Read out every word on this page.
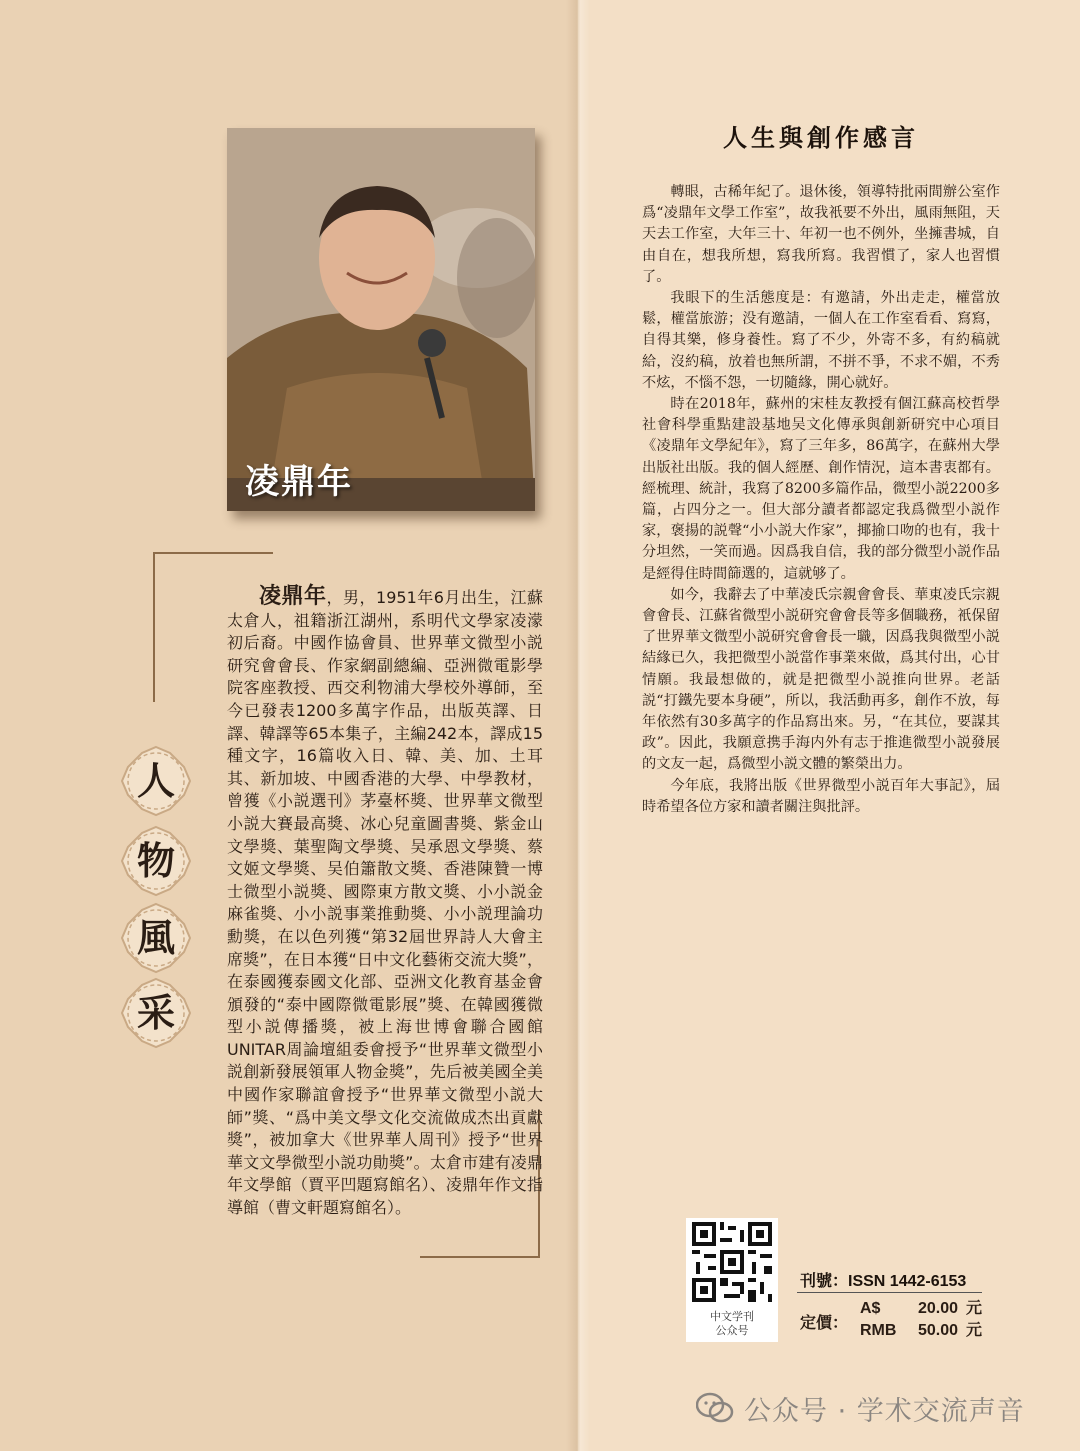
凌鼎年
人
物
風
采
凌鼎年，男，1951年6月出生，江蘇太倉人，祖籍浙江湖州，系明代文學家凌濛初后裔。中國作協會員、世界華文微型小説研究會會長、作家網副總編、亞洲微電影學院客座教授、西交利物浦大學校外導師，至今已發表1200多萬字作品，出版英譯、日譯、韓譯等65本集子，主編242本，譯成15種文字，16篇收入日、韓、美、加、土耳其、新加坡、中國香港的大學、中學教材，曾獲《小説選刊》茅臺杯獎、世界華文微型小説大賽最高獎、冰心兒童圖書獎、紫金山文學獎、葉聖陶文學獎、吴承恩文學獎、蔡文姬文學獎、吴伯簫散文獎、香港陳贊一博士微型小説獎、國際東方散文獎、小小説金麻雀獎、小小説事業推動獎、小小説理論功勳獎，在以色列獲“第32屆世界詩人大會主席獎”，在日本獲“日中文化藝術交流大獎”，在泰國獲泰國文化部、亞洲文化教育基金會頒發的“泰中國際微電影展”獎、在韓國獲微型小説傳播獎，被上海世博會聯合國館UNITAR周論壇組委會授予“世界華文微型小説創新發展領軍人物金獎”，先后被美國全美中國作家聯誼會授予“世界華文微型小説大師”獎、“爲中美文學文化交流做成杰出貢獻獎”，被加拿大《世界華人周刊》授予“世界華文文學微型小説功勛獎”。太倉市建有凌鼎年文學館（賈平凹題寫館名）、凌鼎年作文指導館（曹文軒題寫館名）。
人生與創作感言

轉眼，古稀年紀了。退休後，領導特批兩間辦公室作爲“凌鼎年文學工作室”，故我衹要不外出，風雨無阻，天天去工作室，大年三十、年初一也不例外，坐擁書城，自由自在，想我所想，寫我所寫。我習慣了，家人也習慣了。

我眼下的生活態度是：有邀請，外出走走，權當放鬆，權當旅游；没有邀請，一個人在工作室看看、寫寫，自得其樂，修身養性。寫了不少，外寄不多，有約稿就給，沒約稿，放着也無所謂，不拼不爭，不求不媚，不秀不炫，不惱不怨，一切隨緣，開心就好。

時在2018年，蘇州的宋桂友教授有個江蘇高校哲學社會科學重點建設基地吴文化傳承與創新研究中心項目《凌鼎年文學紀年》，寫了三年多，86萬字，在蘇州大學出版社出版。我的個人經歷、創作情況，這本書衷都有。經梳理、統計，我寫了8200多篇作品，微型小説2200多篇，占四分之一。但大部分讀者都認定我爲微型小説作家，褒揚的説聲“小小説大作家”，揶揄口吻的也有，我十分坦然，一笑而過。因爲我自信，我的部分微型小説作品是經得住時間篩選的，這就够了。

如今，我辭去了中華凌氏宗親會會長、華東凌氏宗親會會長、江蘇省微型小説研究會會長等多個職務，衹保留了世界華文微型小説研究會會長一職，因爲我與微型小説結緣已久，我把微型小説當作事業來做，爲其付出，心甘情願。我最想做的，就是把微型小説推向世界。老話説“打鐵先要本身硬”，所以，我活動再多，創作不放，每年依然有30多萬字的作品寫出來。另，“在其位，要謀其政”。因此，我願意携手海内外有志于推進微型小説發展的文友一起，爲微型小説文體的繁榮出力。

今年底，我將出版《世界微型小説百年大事記》，屆時希望各位方家和讀者關注與批評。

中文学刊
公众号
刊號：ISSN 1442-6153
定價：
A$	20.00 元
RMB	50.00 元
公众号 · 学术交流声音
